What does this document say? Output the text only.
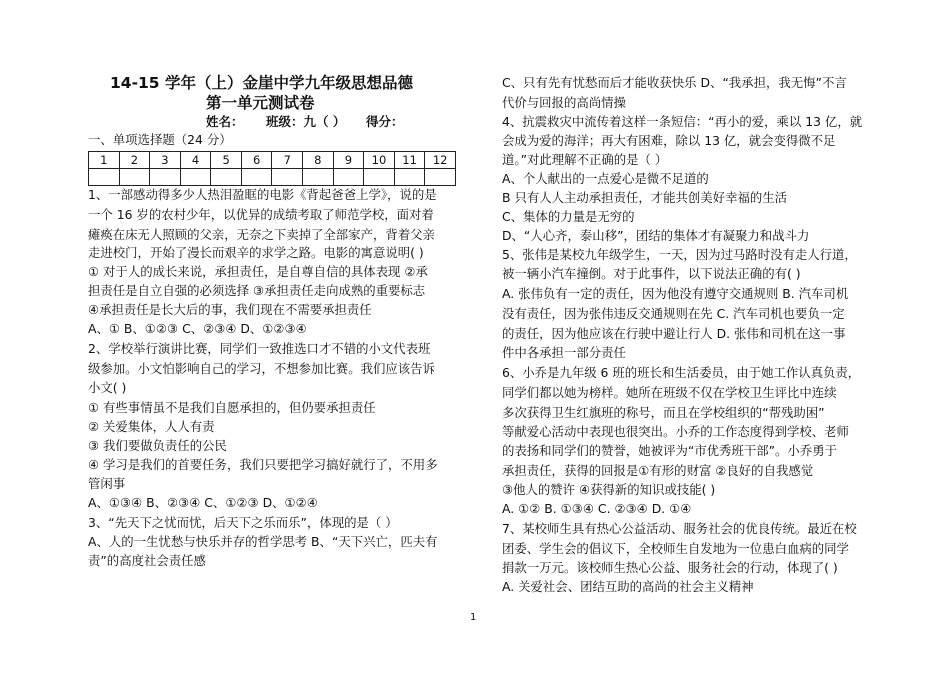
14-15 学年（上）金崖中学九年级思想品德
第一单元测试卷
姓名： 班级：九（ ） 得分：
一、单项选择题（24 分）
1	2	3	4	5	6	7	8	9	10	11	12

1、一部感动得多少人热泪盈眶的电影《背起爸爸上学》，说的是
一个 16 岁的农村少年，以优异的成绩考取了师范学校，面对着
瘫痪在床无人照顾的父亲，无奈之下卖掉了全部家产，背着父亲
走进校门，开始了漫长而艰辛的求学之路。电影的寓意说明( )
① 对于人的成长来说，承担责任，是自尊自信的具体表现 ②承
担责任是自立自强的必须选择 ③承担责任走向成熟的重要标志
④承担责任是长大后的事，我们现在不需要承担责任
A、① B、①②③ C、②③④ D、①②③④
2、学校举行演讲比赛，同学们一致推选口才不错的小文代表班
级参加。小文怕影响自己的学习，不想参加比赛。我们应该告诉
小文( )
① 有些事情虽不是我们自愿承担的，但仍要承担责任
② 关爱集体，人人有责
③ 我们要做负责任的公民
④ 学习是我们的首要任务，我们只要把学习搞好就行了，不用多
管闲事
A、①③④ B、②③④ C、①②③ D、①②④
3、“先天下之忧而忧，后天下之乐而乐”，体现的是（ ）
A、人的一生忧愁与快乐并存的哲学思考 B、“天下兴亡，匹夫有
责”的高度社会责任感
C、只有先有忧愁而后才能收获快乐 D、“我承担，我无悔”不言
代价与回报的高尚情操
4、抗震救灾中流传着这样一条短信：“再小的爱，乘以 13 亿，就
会成为爱的海洋；再大有困难，除以 13 亿，就会变得微不足
道。”对此理解不正确的是（ ）
A、个人献出的一点爱心是微不足道的
B 只有人人主动承担责任，才能共创美好幸福的生活
C、集体的力量是无穷的
D、“人心齐，泰山移”，团结的集体才有凝聚力和战斗力
5、张伟是某校九年级学生，一天，因为过马路时没有走人行道，
被一辆小汽车撞倒。对于此事件，以下说法正确的有( )
A. 张伟负有一定的责任，因为他没有遵守交通规则 B. 汽车司机
没有责任，因为张伟违反交通规则在先 C. 汽车司机也要负一定
的责任，因为他应该在行驶中避让行人 D. 张伟和司机在这一事
件中各承担一部分责任
6、小乔是九年级 6 班的班长和生活委员，由于她工作认真负责，
同学们都以她为榜样。她所在班级不仅在学校卫生评比中连续
多次获得卫生红旗班的称号，而且在学校组织的“帮残助困”
等献爱心活动中表现也很突出。小乔的工作态度得到学校、老师
的表扬和同学们的赞誉，她被评为“市优秀班干部”。小乔勇于
承担责任，获得的回报是①有形的财富 ②良好的自我感觉
③他人的赞许 ④获得新的知识或技能( )
A. ①② B. ①③④ C. ②③④ D. ①④
7、某校师生具有热心公益活动、服务社会的优良传统。最近在校
团委、学生会的倡议下，全校师生自发地为一位患白血病的同学
捐款一万元。该校师生热心公益、服务社会的行动，体现了( )
A. 关爱社会、团结互助的高尚的社会主义精神
1
